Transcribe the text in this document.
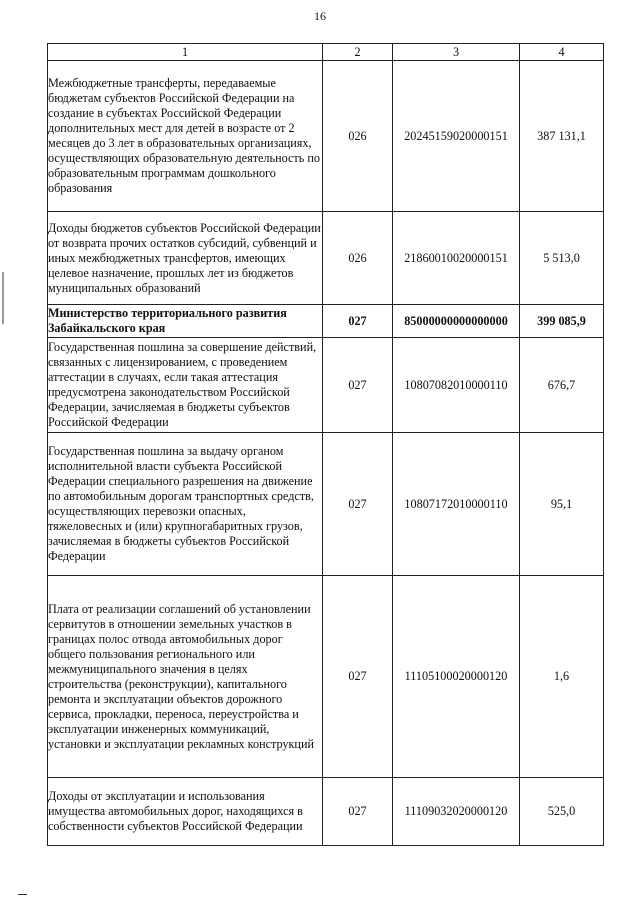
16
1	2	3	4
Межбюджетные трансферты, передаваемые бюджетам субъектов Российской Федерации на создание в субъектах Российской Федерации дополнительных мест для детей в возрасте от 2 месяцев до 3 лет в образовательных организациях, осуществляющих образовательную деятельность по образовательным программам дошкольного образования	026	20245159020000151	387 131,1
Доходы бюджетов субъектов Российской Федерации от возврата прочих остатков субсидий, субвенций и иных межбюджетных трансфертов, имеющих целевое назначение, прошлых лет из бюджетов муниципальных образований	026	21860010020000151	5 513,0
Министерство территориального развития Забайкальского края	027	85000000000000000	399 085,9
Государственная пошлина за совершение действий, связанных с лицензированием, с проведением аттестации в случаях, если такая аттестация предусмотрена законодательством Российской Федерации, зачисляемая в бюджеты субъектов Российской Федерации	027	10807082010000110	676,7
Государственная пошлина за выдачу органом исполнительной власти субъекта Российской Федерации специального разрешения на движение по автомобильным дорогам транспортных средств, осуществляющих перевозки опасных, тяжеловесных и (или) крупногабаритных грузов, зачисляемая в бюджеты субъектов Российской Федерации	027	10807172010000110	95,1
Плата от реализации соглашений об установлении сервитутов в отношении земельных участков в границах полос отвода автомобильных дорог общего пользования регионального или межмуниципального значения в целях строительства (реконструкции), капитального ремонта и эксплуатации объектов дорожного сервиса, прокладки, переноса, переустройства и эксплуатации инженерных коммуникаций, установки и эксплуатации рекламных конструкций	027	11105100020000120	1,6
Доходы от эксплуатации и использования имущества автомобильных дорог, находящихся в собственности субъектов Российской Федерации	027	11109032020000120	525,0
